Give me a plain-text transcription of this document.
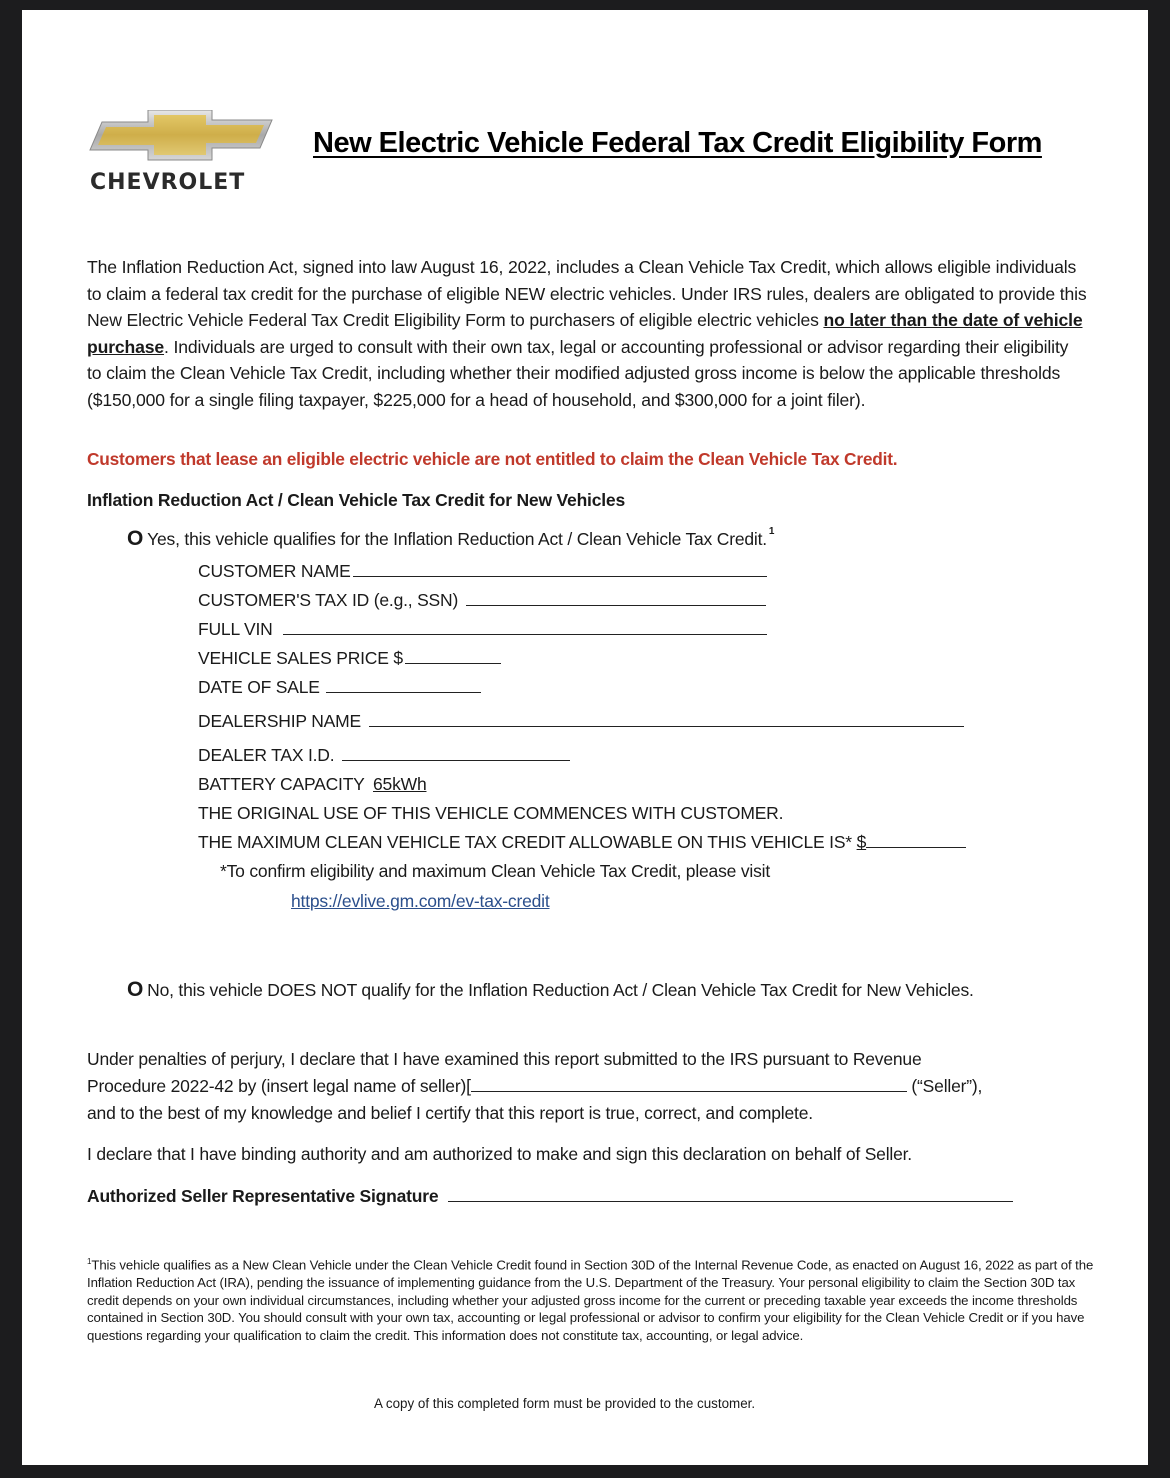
CHEVROLET
New Electric Vehicle Federal Tax Credit Eligibility Form
The Inflation Reduction Act, signed into law August 16, 2022, includes a Clean Vehicle Tax Credit, which allows eligible individuals to claim a federal tax credit for the purchase of eligible NEW electric vehicles. Under IRS rules, dealers are obligated to provide this New Electric Vehicle Federal Tax Credit Eligibility Form to purchasers of eligible electric vehicles no later than the date of vehicle purchase. Individuals are urged to consult with their own tax, legal or accounting professional or advisor regarding their eligibility to claim the Clean Vehicle Tax Credit, including whether their modified adjusted gross income is below the applicable thresholds ($150,000 for a single filing taxpayer, $225,000 for a head of household, and $300,000 for a joint filer).
Customers that lease an eligible electric vehicle are not entitled to claim the Clean Vehicle Tax Credit.
Inflation Reduction Act / Clean Vehicle Tax Credit for New Vehicles
O Yes, this vehicle qualifies for the Inflation Reduction Act / Clean Vehicle Tax Credit. $^1$
CUSTOMER NAME
CUSTOMER'S TAX ID (e.g., SSN)
FULL VIN
VEHICLE SALES PRICE $
DATE OF SALE
DEALERSHIP NAME
DEALER TAX I.D.
BATTERY CAPACITY 65kWh
THE ORIGINAL USE OF THIS VEHICLE COMMENCES WITH CUSTOMER.
THE MAXIMUM CLEAN VEHICLE TAX CREDIT ALLOWABLE ON THIS VEHICLE IS* $
*To confirm eligibility and maximum Clean Vehicle Tax Credit, please visit
https://evlive.gm.com/ev-tax-credit
O No, this vehicle DOES NOT qualify for the Inflation Reduction Act / Clean Vehicle Tax Credit for New Vehicles.
Under penalties of perjury, I declare that I have examined this report submitted to the IRS pursuant to Revenue
Procedure 2022-42 by (insert legal name of seller)[	(“Seller”),
and to the best of my knowledge and belief I certify that this report is true, correct, and complete.
I declare that I have binding authority and am authorized to make and sign this declaration on behalf of Seller.
Authorized Seller Representative Signature
$^1$This vehicle qualifies as a New Clean Vehicle under the Clean Vehicle Credit found in Section 30D of the Internal Revenue Code, as enacted on August 16, 2022 as part of the Inflation Reduction Act (IRA), pending the issuance of implementing guidance from the U.S. Department of the Treasury. Your personal eligibility to claim the Section 30D tax credit depends on your own individual circumstances, including whether your adjusted gross income for the current or preceding taxable year exceeds the income thresholds contained in Section 30D. You should consult with your own tax, accounting or legal professional or advisor to confirm your eligibility for the Clean Vehicle Credit or if you have questions regarding your qualification to claim the credit. This information does not constitute tax, accounting, or legal advice.
A copy of this completed form must be provided to the customer.
